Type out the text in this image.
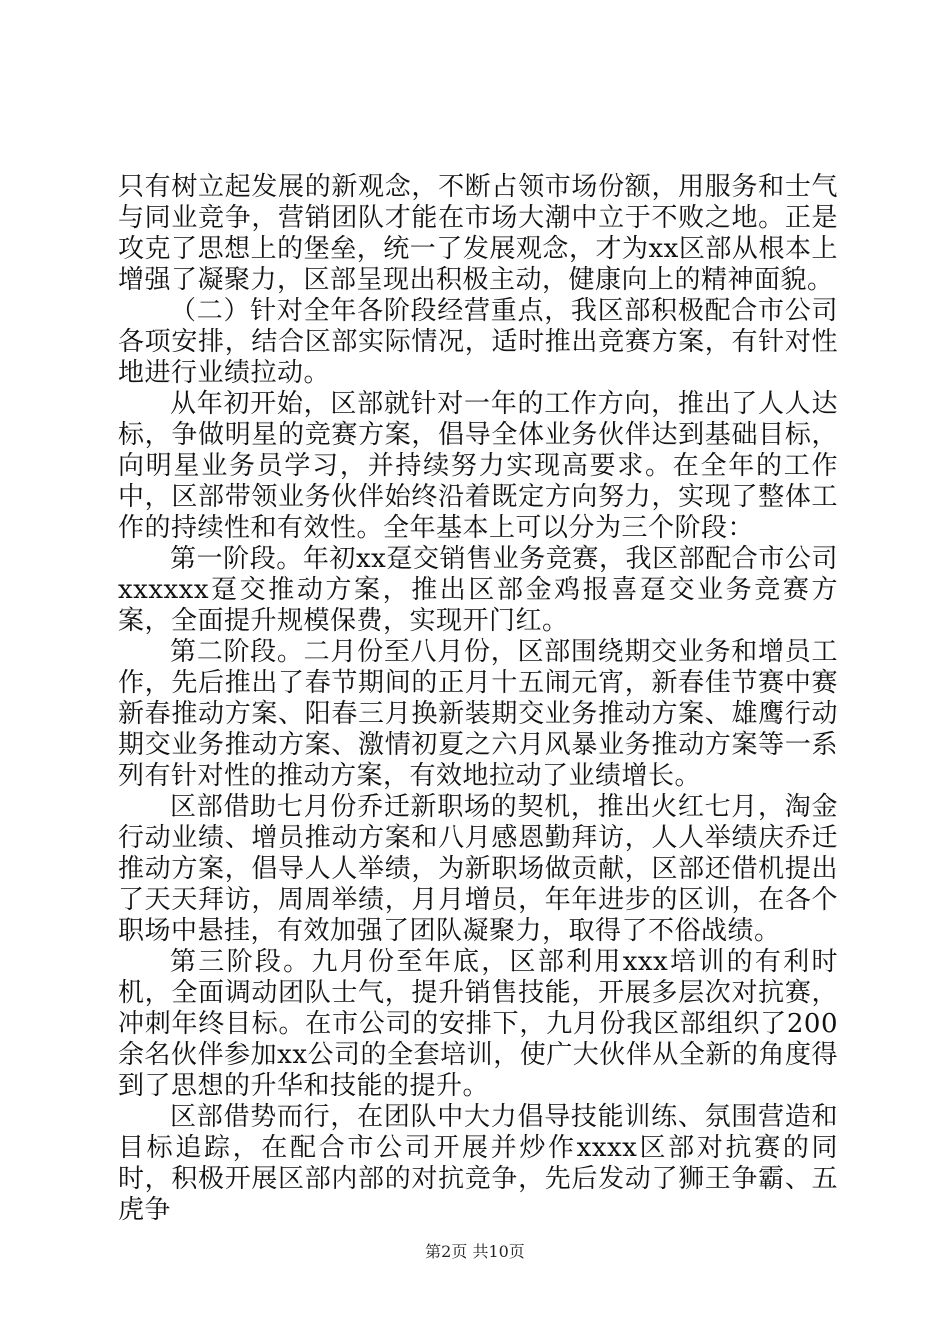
只有树立起发展的新观念，不断占领市场份额，用服务和士气与同业竞争，营销团队才能在市场大潮中立于不败之地。正是攻克了思想上的堡垒，统一了发展观念，才为xx区部从根本上增强了凝聚力，区部呈现出积极主动，健康向上的精神面貌。

（二）针对全年各阶段经营重点，我区部积极配合市公司各项安排，结合区部实际情况，适时推出竞赛方案，有针对性地进行业绩拉动。

从年初开始，区部就针对一年的工作方向，推出了人人达标，争做明星的竞赛方案，倡导全体业务伙伴达到基础目标，向明星业务员学习，并持续努力实现高要求。在全年的工作中，区部带领业务伙伴始终沿着既定方向努力，实现了整体工作的持续性和有效性。全年基本上可以分为三个阶段：

第一阶段。年初xx趸交销售业务竞赛，我区部配合市公司xxxxxx趸交推动方案，推出区部金鸡报喜趸交业务竞赛方案，全面提升规模保费，实现开门红。

第二阶段。二月份至八月份，区部围绕期交业务和增员工作，先后推出了春节期间的正月十五闹元宵，新春佳节赛中赛新春推动方案、阳春三月换新装期交业务推动方案、雄鹰行动期交业务推动方案、激情初夏之六月风暴业务推动方案等一系列有针对性的推动方案，有效地拉动了业绩增长。

区部借助七月份乔迁新职场的契机，推出火红七月，淘金行动业绩、增员推动方案和八月感恩勤拜访，人人举绩庆乔迁推动方案，倡导人人举绩，为新职场做贡献，区部还借机提出了天天拜访，周周举绩，月月增员，年年进步的区训，在各个职场中悬挂，有效加强了团队凝聚力，取得了不俗战绩。

第三阶段。九月份至年底，区部利用xxx培训的有利时机，全面调动团队士气，提升销售技能，开展多层次对抗赛，冲刺年终目标。在市公司的安排下，九月份我区部组织了200余名伙伴参加xx公司的全套培训，使广大伙伴从全新的角度得到了思想的升华和技能的提升。

区部借势而行，在团队中大力倡导技能训练、氛围营造和目标追踪，在配合市公司开展并炒作xxxx区部对抗赛的同时，积极开展区部内部的对抗竞争，先后发动了狮王争霸、五虎争

第2页 共10页
